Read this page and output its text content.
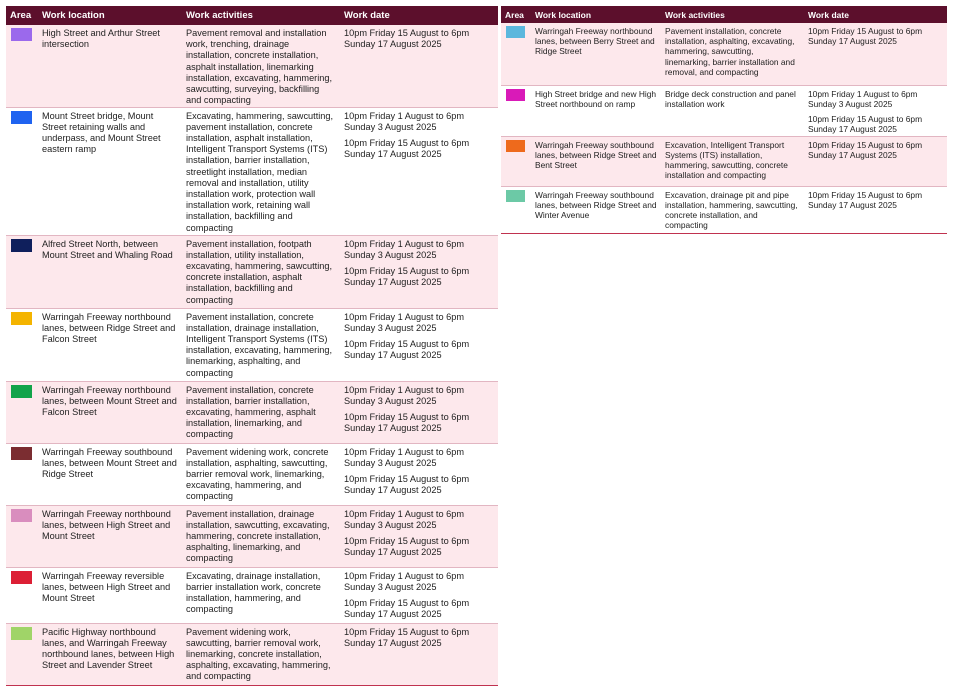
Area	Work location	Work activities	Work date

	High Street and Arthur Street intersection	Pavement removal and installation work, trenching, drainage installation, concrete installation, asphalt installation, linemarking installation, excavating, hammering, sawcutting, surveying, backfilling and compacting	10pm Friday 15 August to 6pm Sunday 17 August 2025

	Mount Street bridge, Mount Street retaining walls and underpass, and Mount Street eastern ramp	Excavating, hammering, sawcutting, pavement installation, concrete installation, asphalt installation, Intelligent Transport Systems (ITS) installation, barrier installation, streetlight installation, median removal and installation, utility installation work, protection wall installation work, retaining wall installation, backfilling and compacting	10pm Friday 1 August to 6pm Sunday 3 August 2025
10pm Friday 15 August to 6pm Sunday 17 August 2025

	Alfred Street North, between Mount Street and Whaling Road	Pavement installation, footpath installation, utility installation, excavating, hammering, sawcutting, concrete installation, asphalt installation, backfilling and compacting	10pm Friday 1 August to 6pm Sunday 3 August 2025
10pm Friday 15 August to 6pm Sunday 17 August 2025

	Warringah Freeway northbound lanes, between Ridge Street and Falcon Street	Pavement installation, concrete installation, drainage installation, Intelligent Transport Systems (ITS) installation, excavating, hammering, linemarking, asphalting, and compacting	10pm Friday 1 August to 6pm Sunday 3 August 2025
10pm Friday 15 August to 6pm Sunday 17 August 2025

	Warringah Freeway northbound lanes, between Mount Street and Falcon Street	Pavement installation, concrete installation, barrier installation, excavating, hammering, asphalt installation, linemarking, and compacting	10pm Friday 1 August to 6pm Sunday 3 August 2025
10pm Friday 15 August to 6pm Sunday 17 August 2025

	Warringah Freeway southbound lanes, between Mount Street and Ridge Street	Pavement widening work, concrete installation, asphalting, sawcutting, barrier removal work, linemarking, excavating, hammering, and compacting	10pm Friday 1 August to 6pm Sunday 3 August 2025
10pm Friday 15 August to 6pm Sunday 17 August 2025

	Warringah Freeway northbound lanes, between High Street and Mount Street	Pavement installation, drainage installation, sawcutting, excavating, hammering, concrete installation, asphalting, linemarking, and compacting	10pm Friday 1 August to 6pm Sunday 3 August 2025
10pm Friday 15 August to 6pm Sunday 17 August 2025

	Warringah Freeway reversible lanes, between High Street and Mount Street	Excavating, drainage installation, barrier installation work, concrete installation, hammering, and compacting	10pm Friday 1 August to 6pm Sunday 3 August 2025
10pm Friday 15 August to 6pm Sunday 17 August 2025

	Pacific Highway northbound lanes, and Warringah Freeway northbound lanes, between High Street and Lavender Street	Pavement widening work, sawcutting, barrier removal work, linemarking, concrete installation, asphalting, excavating, hammering, and compacting	10pm Friday 15 August to 6pm Sunday 17 August 2025
Area	Work location	Work activities	Work date

	Warringah Freeway northbound lanes, between Berry Street and Ridge Street	Pavement installation, concrete installation, asphalting, excavating, hammering, sawcutting, linemarking, barrier installation and removal, and compacting	10pm Friday 15 August to 6pm Sunday 17 August 2025

	High Street bridge and new High Street northbound on ramp	Bridge deck construction and panel installation work	10pm Friday 1 August to 6pm Sunday 3 August 2025
10pm Friday 15 August to 6pm Sunday 17 August 2025

	Warringah Freeway southbound lanes, between Ridge Street and Bent Street	Excavation, Intelligent Transport Systems (ITS) installation, hammering, sawcutting, concrete installation and compacting	10pm Friday 15 August to 6pm Sunday 17 August 2025

	Warringah Freeway southbound lanes, between Ridge Street and Winter Avenue	Excavation, drainage pit and pipe installation, hammering, sawcutting, concrete installation, and compacting	10pm Friday 15 August to 6pm Sunday 17 August 2025
